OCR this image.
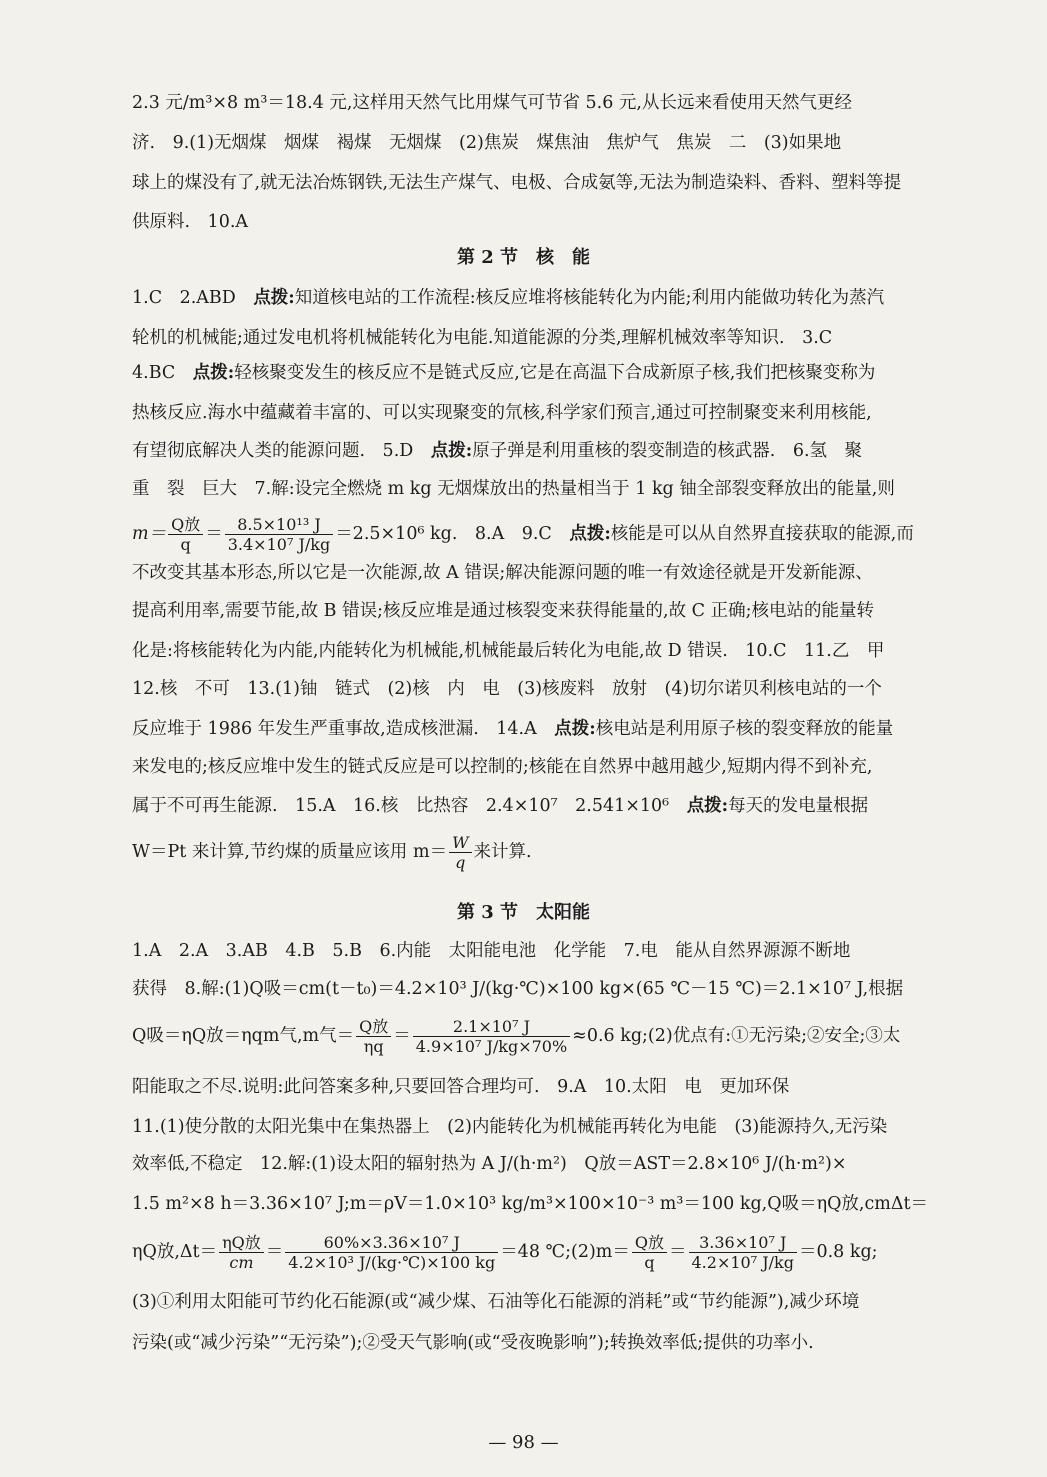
2.3 元/m³×8 m³＝18.4 元,这样用天然气比用煤气可节省 5.6 元,从长远来看使用天然气更经
济.　9.(1)无烟煤　烟煤　褐煤　无烟煤　(2)焦炭　煤焦油　焦炉气　焦炭　二　(3)如果地
球上的煤没有了,就无法冶炼钢铁,无法生产煤气、电极、合成氨等,无法为制造染料、香料、塑料等提
供原料.　10.A
第 2 节　核　能
1.C　2.ABD　点拨:知道核电站的工作流程:核反应堆将核能转化为内能;利用内能做功转化为蒸汽
轮机的机械能;通过发电机将机械能转化为电能.知道能源的分类,理解机械效率等知识.　3.C
4.BC　点拨:轻核聚变发生的核反应不是链式反应,它是在高温下合成新原子核,我们把核聚变称为
热核反应.海水中蕴藏着丰富的、可以实现聚变的氘核,科学家们预言,通过可控制聚变来利用核能,
有望彻底解决人类的能源问题.　5.D　点拨:原子弹是利用重核的裂变制造的核武器.　6.氢　聚
重　裂　巨大　7.解:设完全燃烧 m kg 无烟煤放出的热量相当于 1 kg 铀全部裂变释放出的能量,则
$m= \frac{\text{Q放}}{q} = \frac{\text{8.5×10¹³ J}}{\text{3.4×10⁷ J/kg}} =2.5\times 10^6$ kg.　8.A　9.C　点拨:核能是可以从自然界直接获取的能源,而
不改变其基本形态,所以它是一次能源,故 A 错误;解决能源问题的唯一有效途径就是开发新能源、
提高利用率,需要节能,故 B 错误;核反应堆是通过核裂变来获得能量的,故 C 正确;核电站的能量转
化是:将核能转化为内能,内能转化为机械能,机械能最后转化为电能,故 D 错误.　10.C　11.乙　甲
12.核　不可　13.(1)铀　链式　(2)核　内　电　(3)核废料　放射　(4)切尔诺贝利核电站的一个
反应堆于 1986 年发生严重事故,造成核泄漏.　14.A　点拨:核电站是利用原子核的裂变释放的能量
来发电的;核反应堆中发生的链式反应是可以控制的;核能在自然界中越用越少,短期内得不到补充,
属于不可再生能源.　15.A　16.核　比热容　2.4×10⁷　2.541×10⁶　点拨:每天的发电量根据
W＝Pt 来计算,节约煤的质量应该用 $m= \frac{W}{q}$ 来计算.
第 3 节　太阳能
1.A　2.A　3.AB　4.B　5.B　6.内能　太阳能电池　化学能　7.电　能从自然界源源不断地
获得　8.解:(1)Q吸＝cm(t－t₀)＝4.2×10³ J/(kg·℃)×100 kg×(65 ℃－15 ℃)＝2.1×10⁷ J,根据
Q吸＝ηQ放＝ηqm气,m气＝ $\frac{\text{Q放}}{\eta q} = \frac{\text{2.1×10⁷ J}}{\text{4.9×10⁷ J/kg×70\%}} \approx 0.6$ kg;(2)优点有:①无污染;②安全;③太
阳能取之不尽.说明:此问答案多种,只要回答合理均可.　9.A　10.太阳　电　更加环保
11.(1)使分散的太阳光集中在集热器上　(2)内能转化为机械能再转化为电能　(3)能源持久,无污染
效率低,不稳定　12.解:(1)设太阳的辐射热为 A J/(h·m²)　Q放＝AST＝2.8×10⁶ J/(h·m²)×
1.5 m²×8 h＝3.36×10⁷ J;m＝ρV＝1.0×10³ kg/m³×100×10⁻³ m³＝100 kg,Q吸＝ηQ放,cmΔt＝
ηQ放$,\Delta t= \frac{\text{ηQ放}}{cm} = \frac{\text{60\%×3.36×10⁷ J}}{\text{4.2×10³ J/(kg·℃)×100 kg}} =48$ ℃;(2)m＝ $\frac{\text{Q放}}{q} = \frac{\text{3.36×10⁷ J}}{\text{4.2×10⁷ J/kg}} =0.8$ kg;
(3)①利用太阳能可节约化石能源(或“减少煤、石油等化石能源的消耗”或“节约能源”),减少环境
污染(或“减少污染”“无污染”);②受天气影响(或“受夜晚影响”);转换效率低;提供的功率小.
— 98 —
